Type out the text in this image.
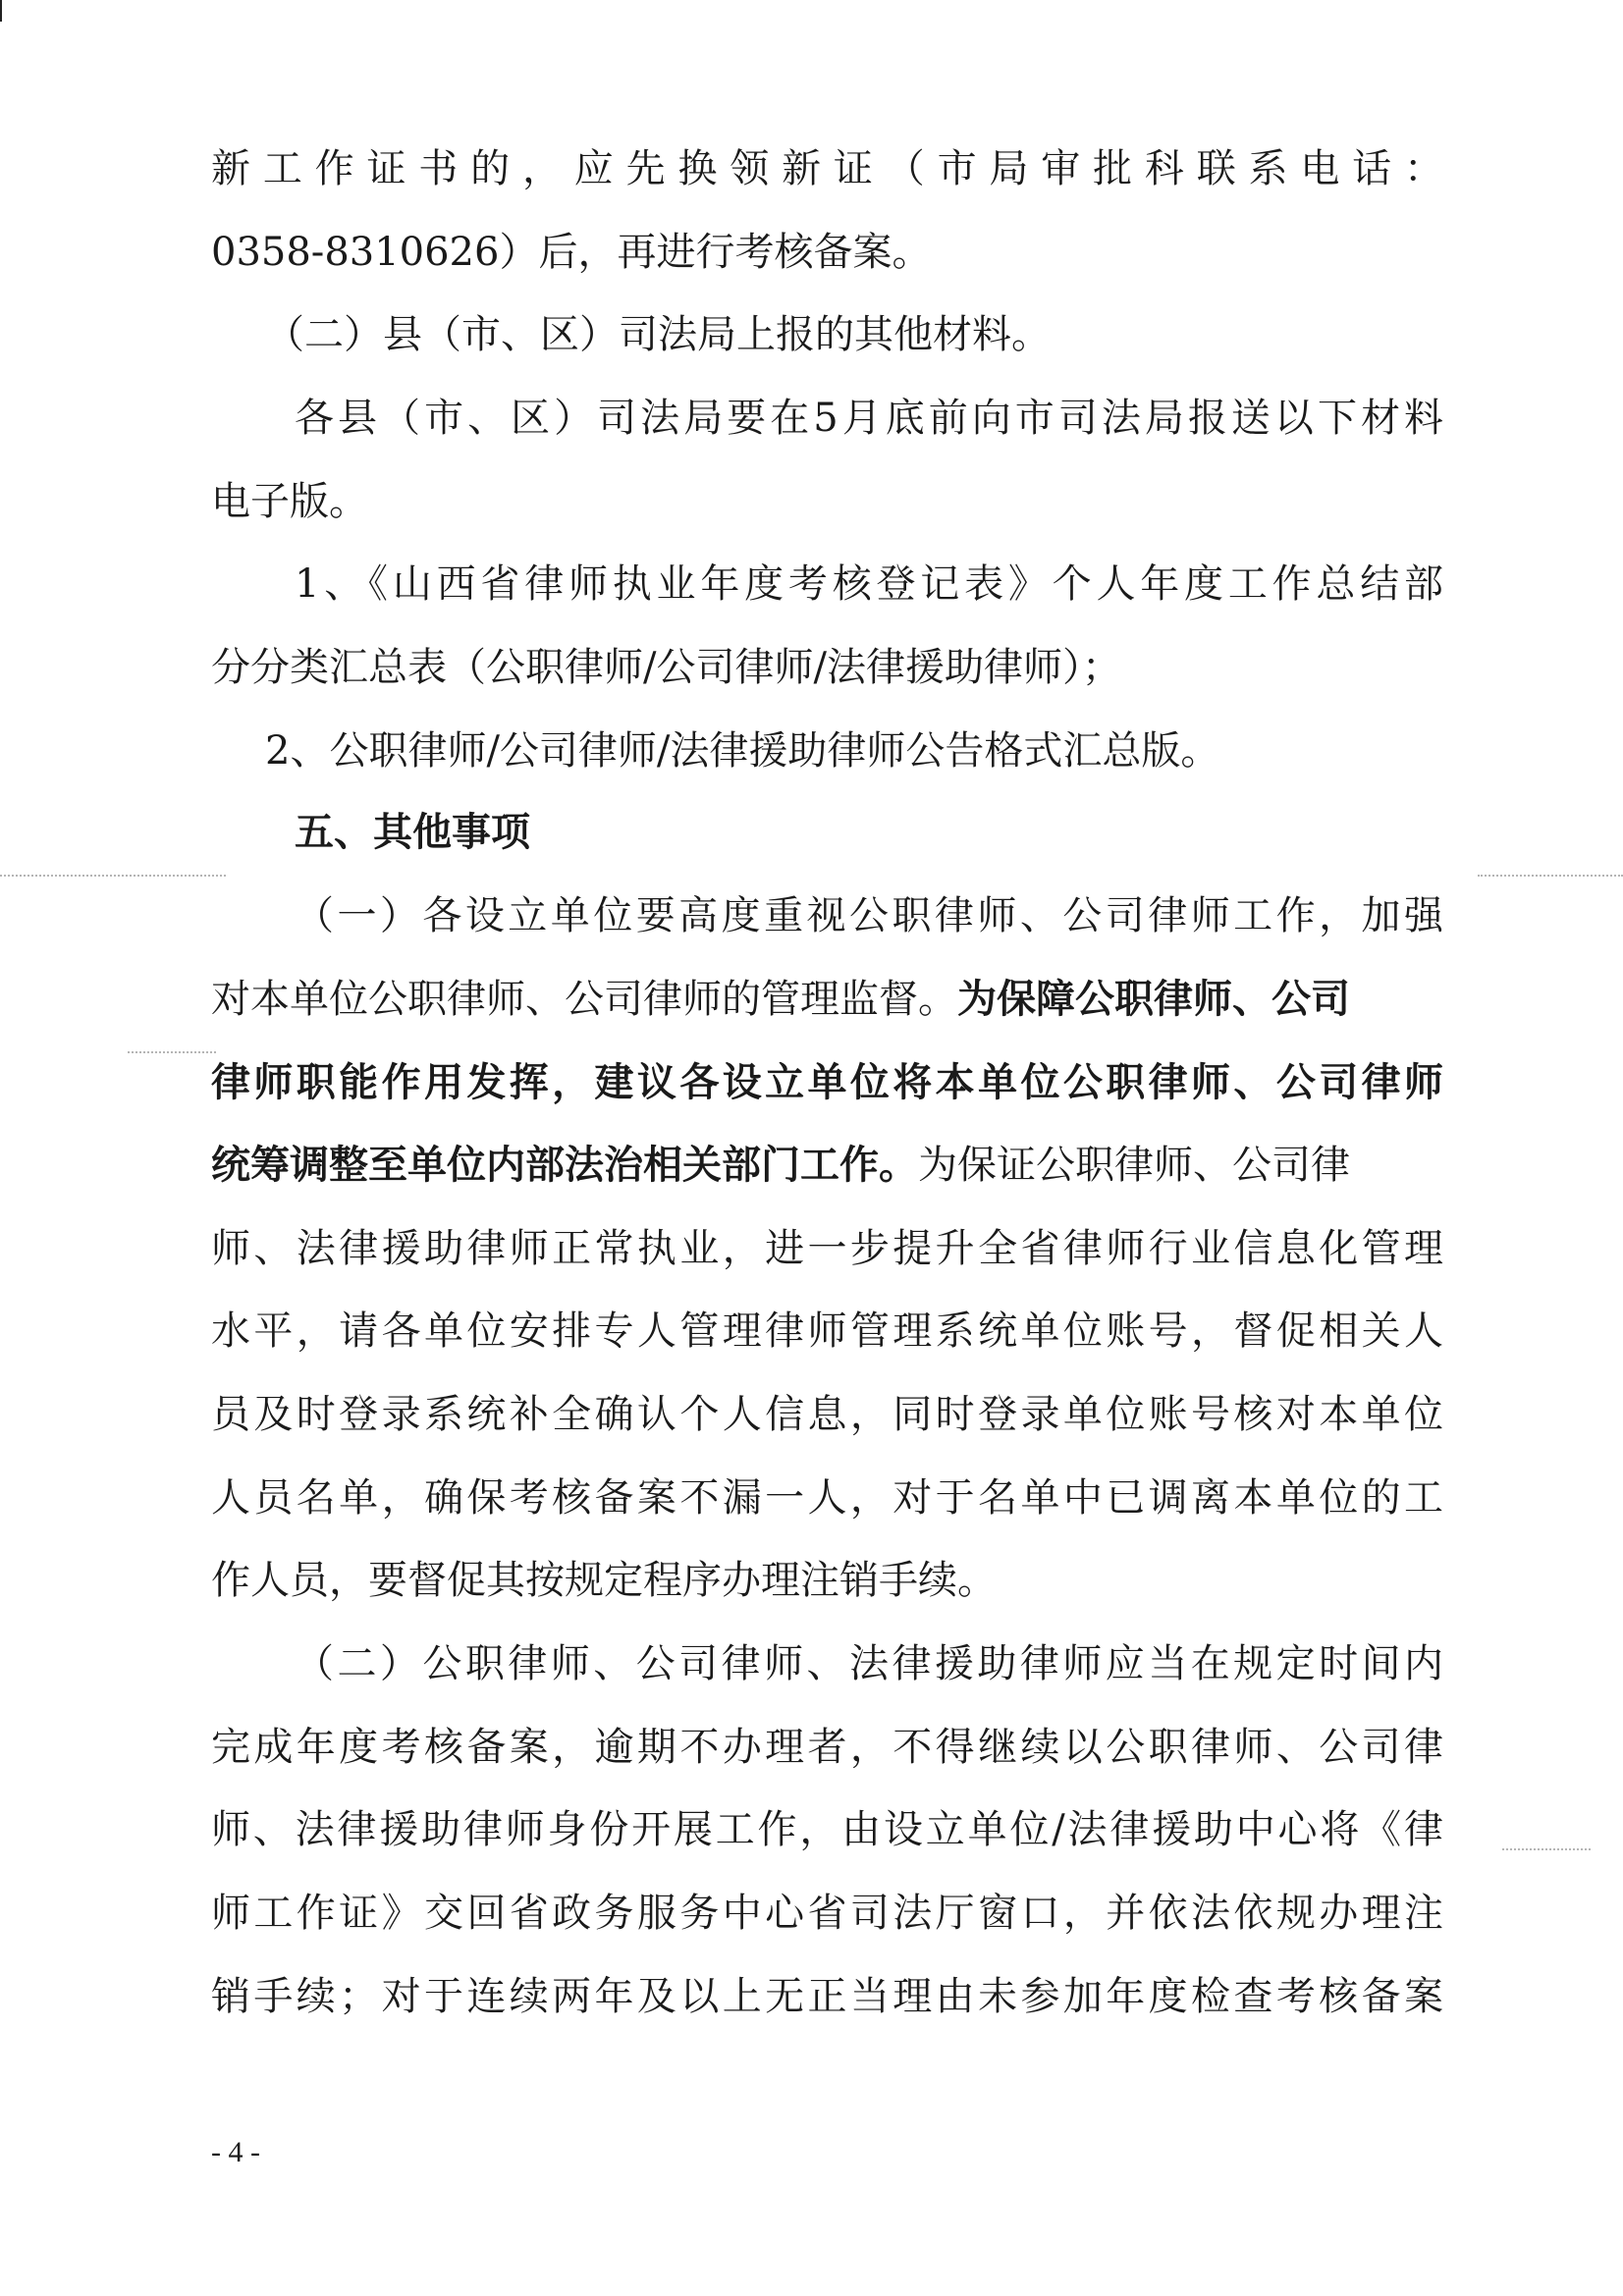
新工作证书的，应先换领新证（市局审批科联系电话：
0358-8310626）后，再进行考核备案。
（二）县（市、区）司法局上报的其他材料。
各县（市、区）司法局要在5月底前向市司法局报送以下材料
电子版。
1、《山西省律师执业年度考核登记表》个人年度工作总结部
分分类汇总表（公职律师/公司律师/法律援助律师）；
2、公职律师/公司律师/法律援助律师公告格式汇总版。
五、其他事项
（一）各设立单位要高度重视公职律师、公司律师工作，加强
对本单位公职律师、公司律师的管理监督。为保障公职律师、公司
律师职能作用发挥，建议各设立单位将本单位公职律师、公司律师
统筹调整至单位内部法治相关部门工作。为保证公职律师、公司律
师、法律援助律师正常执业，进一步提升全省律师行业信息化管理
水平，请各单位安排专人管理律师管理系统单位账号，督促相关人
员及时登录系统补全确认个人信息，同时登录单位账号核对本单位
人员名单，确保考核备案不漏一人，对于名单中已调离本单位的工
作人员，要督促其按规定程序办理注销手续。
（二）公职律师、公司律师、法律援助律师应当在规定时间内
完成年度考核备案，逾期不办理者，不得继续以公职律师、公司律
师、法律援助律师身份开展工作，由设立单位/法律援助中心将《律
师工作证》交回省政务服务中心省司法厅窗口，并依法依规办理注
销手续；对于连续两年及以上无正当理由未参加年度检查考核备案
- 4 -
